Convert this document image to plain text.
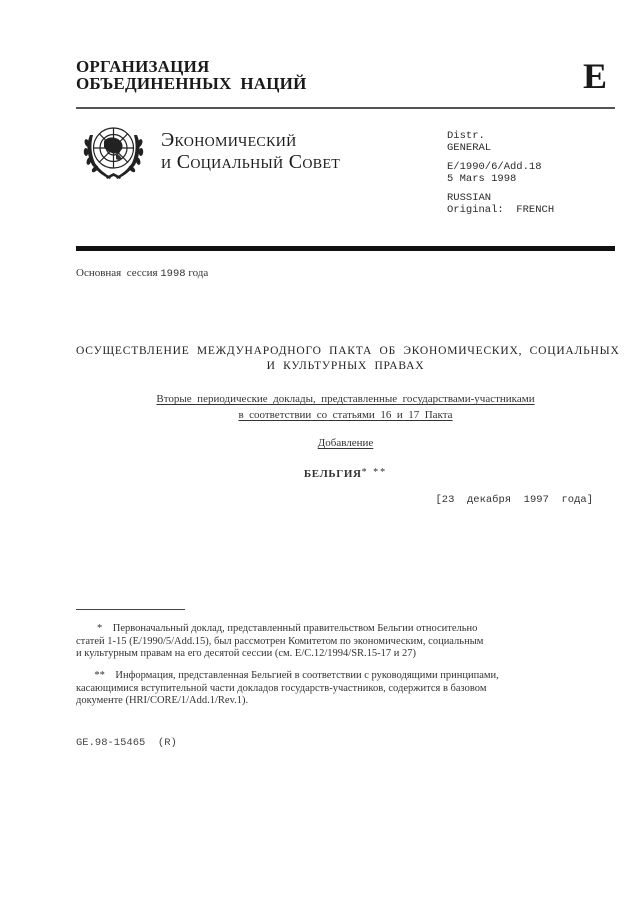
ОРГАНИЗАЦИЯ
ОБЪЕДИНЕННЫХ  НАЦИЙ	E
Экономический
и Социальный Совет
Distr.
GENERAL
E/1990/6/Add.18
5 Mars 1998
RUSSIAN
Original:  FRENCH
Основная  сессия 1998 года
ОСУЩЕСТВЛЕНИЕ  МЕЖДУНАРОДНОГО  ПАКТА  ОБ  ЭКОНОМИЧЕСКИХ,  СОЦИАЛЬНЫХ
И  КУЛЬТУРНЫХ  ПРАВАХ
Вторые  периодические  доклады,  представленные  государствами-участниками
в  соответствии  со  статьями  16  и  17  Пакта
Добавление
БЕЛЬГИЯ* **
[23  декабря  1997  года]
*    Первоначальный доклад, представленный правительством Бельгии относительно
статей 1-15 (E/1990/5/Add.15), был рассмотрен Комитетом по экономическим, социальным
и культурным правам на его десятой сессии (см. E/C.12/1994/SR.15-17 и 27)
**    Информация, представленная Бельгией в соответствии с руководящими принципами,
касающимися вступительной части докладов государств-участников, содержится в базовом
документе (HRI/CORE/1/Add.1/Rev.1).
GE.98-15465  (R)
